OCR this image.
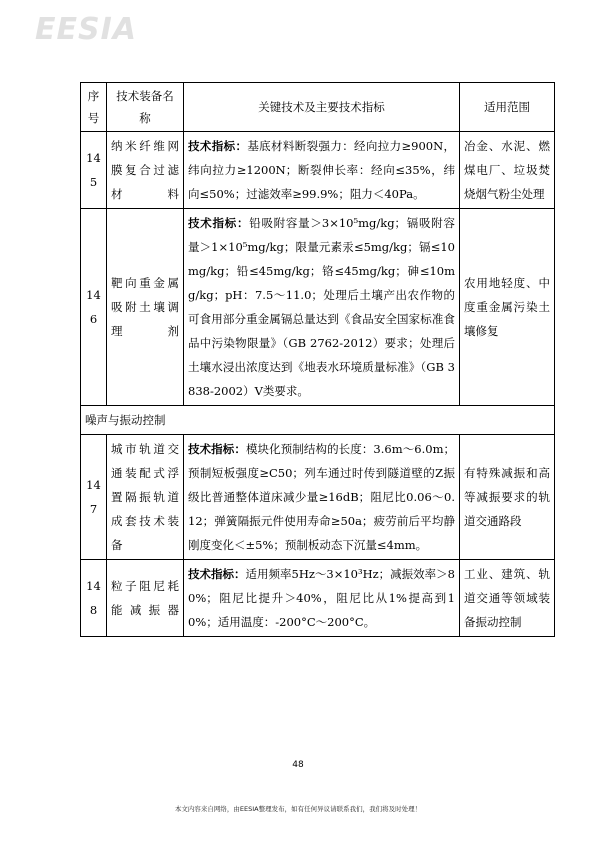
EESIA
序号	技术装备名称	关键技术及主要技术指标	适用范围
145	纳米纤维网膜复合过滤材料	技术指标：基底材料断裂强力：经向拉力≥900N，纬向拉力≥1200N；断裂伸长率：经向≤35%，纬向≤50%；过滤效率≥99.9%；阻力＜40Pa。	冶金、水泥、燃煤电厂、垃圾焚烧烟气粉尘处理
146	靶向重金属吸附土壤调理剂	技术指标：铅吸附容量＞3×10⁵mg/kg；镉吸附容量＞1×10⁵mg/kg；限量元素汞≤5mg/kg；镉≤10mg/kg；铅≤45mg/kg；铬≤45mg/kg；砷≤10mg/kg；pH：7.5～11.0；处理后土壤产出农作物的可食用部分重金属镉总量达到《食品安全国家标准食品中污染物限量》（GB 2762-2012）要求；处理后土壤水浸出浓度达到《地表水环境质量标准》（GB 3838-2002）V类要求。	农用地轻度、中度重金属污染土壤修复
噪声与振动控制			
147	城市轨道交通装配式浮置隔振轨道成套技术装备	技术指标：模块化预制结构的长度：3.6m～6.0m；预制短板强度≥C50；列车通过时传到隧道壁的Z振级比普通整体道床减少量≥16dB；阻尼比0.06～0.12；弹簧隔振元件使用寿命≥50a；疲劳前后平均静刚度变化＜±5%；预制板动态下沉量≤4mm。	有特殊减振和高等减振要求的轨道交通路段
148	粒子阻尼耗能减振器	技术指标：适用频率5Hz～3×10³Hz；减振效率＞80%；阻尼比提升＞40%，阻尼比从1%提高到10%；适用温度：-200°C～200°C。	工业、建筑、轨道交通等领域装备振动控制
48
本文内容来自网络，由EESIA整理发布，如有任何异议请联系我们，我们将及时处理！
